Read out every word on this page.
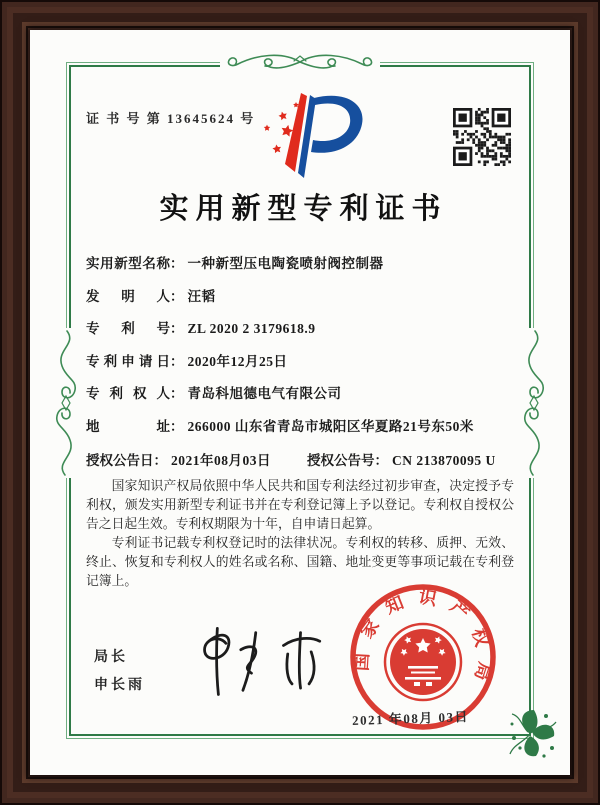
证 书 号 第 13645624 号
实用新型专利证书
实用新型名称： 一种新型压电陶瓷喷射阀控制器
发明人： 汪韬
专利号： ZL 2020 2 3179618.9
专利申请日： 2020年12月25日
专利权人： 青岛科旭德电气有限公司
地址： 266000 山东省青岛市城阳区华夏路21号东50米
授权公告日： 2021年08月03日	授权公告号： CN 213870095 U

国家知识产权局依照中华人民共和国专利法经过初步审查，决定授予专利权，颁发实用新型专利证书并在专利登记簿上予以登记。专利权自授权公告之日起生效。专利权期限为十年，自申请日起算。

专利证书记载专利权登记时的法律状况。专利权的转移、质押、无效、终止、恢复和专利权人的姓名或名称、国籍、地址变更等事项记载在专利登记簿上。

局长
申长雨
国家知识产权局
2021 年08月 03日
